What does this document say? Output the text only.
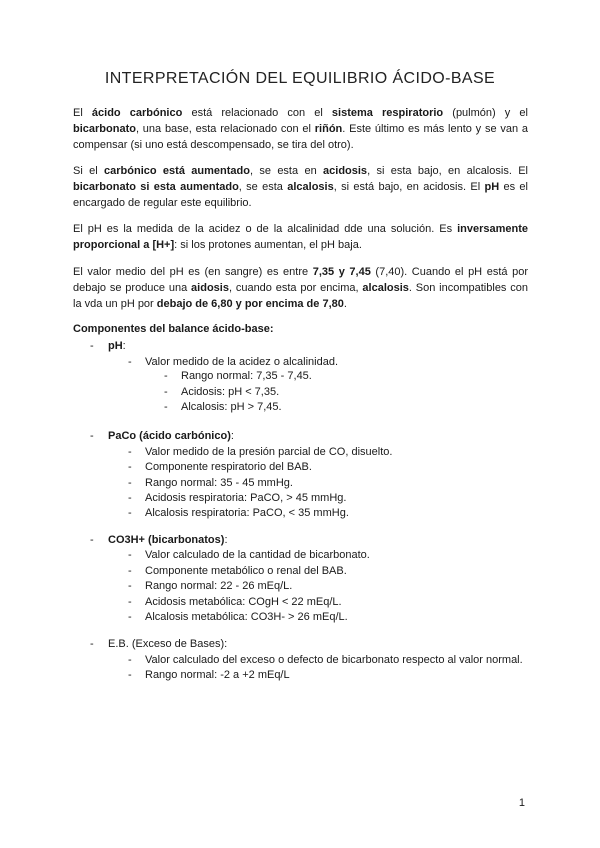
INTERPRETACIÓN DEL EQUILIBRIO ÁCIDO-BASE
El ácido carbónico está relacionado con el sistema respiratorio (pulmón) y el bicarbonato, una base, esta relacionado con el riñón. Este último es más lento y se van a compensar (si uno está descompensado, se tira del otro).
Si el carbónico está aumentado, se esta en acidosis, si esta bajo, en alcalosis. El bicarbonato si esta aumentado, se esta alcalosis, si está bajo, en acidosis. El pH es el encargado de regular este equilibrio.
El pH es la medida de la acidez o de la alcalinidad dde una solución. Es inversamente proporcional a [H+]: si los protones aumentan, el pH baja.
El valor medio del pH es (en sangre) es entre 7,35 y 7,45 (7,40). Cuando el pH está por debajo se produce una aidosis, cuando esta por encima, alcalosis. Son incompatibles con la vda un pH por debajo de 6,80 y por encima de 7,80.
Componentes del balance ácido-base:
- pH:
- Valor medido de la acidez o alcalinidad.
- Rango normal: 7,35 - 7,45.
- Acidosis: pH < 7,35.
- Alcalosis: pH > 7,45.
- PaCo (ácido carbónico):
- Valor medido de la presión parcial de CO, disuelto.
- Componente respiratorio del BAB.
- Rango normal: 35 - 45 mmHg.
- Acidosis respiratoria: PaCO, > 45 mmHg.
- Alcalosis respiratoria: PaCO, < 35 mmHg.
- CO3H+ (bicarbonatos):
- Valor calculado de la cantidad de bicarbonato.
- Componente metabólico o renal del BAB.
- Rango normal: 22 - 26 mEq/L.
- Acidosis metabólica: COgH < 22 mEq/L.
- Alcalosis metabólica: CO3H- > 26 mEq/L.
- E.B. (Exceso de Bases):
- Valor calculado del exceso o defecto de bicarbonato respecto al valor normal.
- Rango normal: -2 a +2 mEq/L
1
